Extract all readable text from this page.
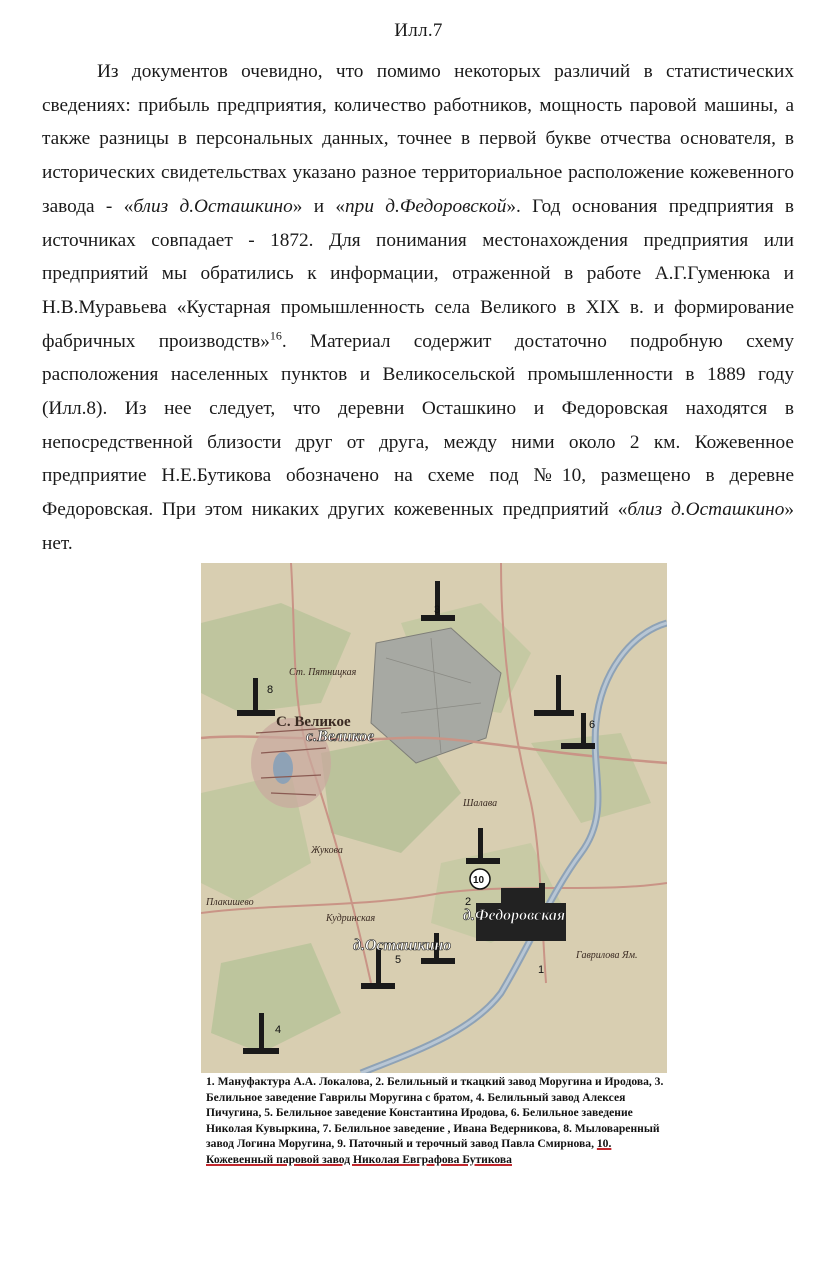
Илл.7

Из документов очевидно, что помимо некоторых различий в статистических сведениях: прибыль предприятия, количество работников, мощность паровой машины, а также разницы в персональных данных, точнее в первой букве отчества основателя, в исторических свидетельствах указано разное территориальное расположение кожевенного завода - «близ д.Осташкино» и «при д.Федоровской». Год основания предприятия в источниках совпадает - 1872. Для понимания местонахождения предприятия или предприятий мы обратились к информации, отраженной в работе А.Г.Гуменюка и Н.В.Муравьева «Кустарная промышленность села Великого в XIX в. и формирование фабричных производств»$^{16}$. Материал содержит достаточно подробную схему расположения населенных пунктов и Великосельской промышленности в 1889 году (Илл.8). Из нее следует, что деревни Осташкино и Федоровская находятся в непосредственной близости друг от друга, между ними около 2 км. Кожевенное предприятие Н.Е.Бутикова обозначено на схеме под №10, размещено в деревне Федоровская. При этом никаких других кожевенных предприятий «близ д.Осташкино» нет.

3
8
6
2
1
5
4
10
С. Великое
Шалава
Жукова
Плакишево
Кудринская
Гаврилова Ям.
Ст. Пятницкая
с.Великое
д.Федоровская
д.Осташкино
1. Мануфактура А.А. Локалова, 2. Белильный и ткацкий завод Моругина и Иродова, 3. Белильное заведение Гаврилы Моругина с братом, 4. Белильный завод Алексея Пичугина, 5. Белильное заведение Константина Иродова, 6. Белильное заведение Николая Кувыркина, 7. Белильное заведение , Ивана Ведерникова, 8. Мыловаренный завод Логина Моругина, 9. Паточный и терочный завод Павла Смирнова, 10. Кожевенный паровой завод Николая Евграфова Бутикова
